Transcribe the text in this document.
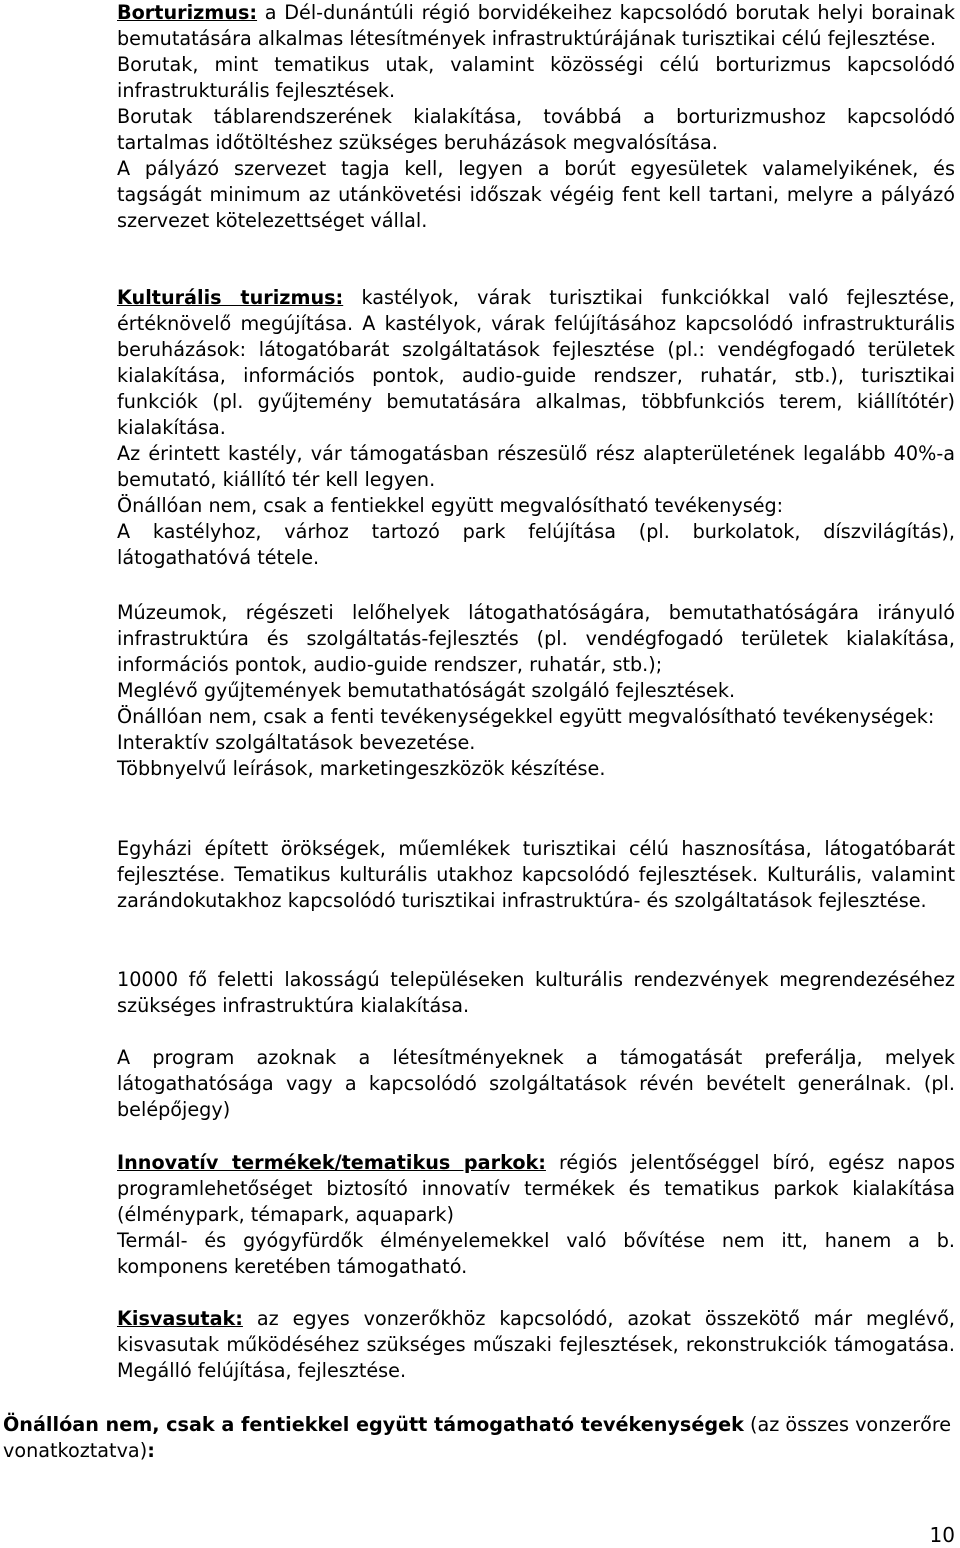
Borturizmus: a Dél-dunántúli régió borvidékeihez kapcsolódó borutak helyi borainak bemutatására alkalmas létesítmények infrastruktúrájának turisztikai célú fejlesztése.

Borutak, mint tematikus utak, valamint közösségi célú borturizmus kapcsolódó infrastrukturális fejlesztések.

Borutak táblarendszerének kialakítása, továbbá a borturizmushoz kapcsolódó tartalmas időtöltéshez szükséges beruházások megvalósítása.

A pályázó szervezet tagja kell, legyen a borút egyesületek valamelyikének, és tagságát minimum az utánkövetési időszak végéig fent kell tartani, melyre a pályázó szervezet kötelezettséget vállal.

Kulturális turizmus: kastélyok, várak turisztikai funkciókkal való fejlesztése, értéknövelő megújítása. A kastélyok, várak felújításához kapcsolódó infrastrukturális beruházások: látogatóbarát szolgáltatások fejlesztése (pl.: vendégfogadó területek kialakítása, információs pontok, audio-guide rendszer, ruhatár, stb.), turisztikai funkciók (pl. gyűjtemény bemutatására alkalmas, többfunkciós terem, kiállítótér) kialakítása.

Az érintett kastély, vár támogatásban részesülő rész alapterületének legalább 40%-a bemutató, kiállító tér kell legyen.

Önállóan nem, csak a fentiekkel együtt megvalósítható tevékenység:

A kastélyhoz, várhoz tartozó park felújítása (pl. burkolatok, díszvilágítás), látogathatóvá tétele.

Múzeumok, régészeti lelőhelyek látogathatóságára, bemutathatóságára irányuló infrastruktúra és szolgáltatás-fejlesztés (pl. vendégfogadó területek kialakítása, információs pontok, audio-guide rendszer, ruhatár, stb.);

Meglévő gyűjtemények bemutathatóságát szolgáló fejlesztések.

Önállóan nem, csak a fenti tevékenységekkel együtt megvalósítható tevékenységek:

Interaktív szolgáltatások bevezetése.

Többnyelvű leírások, marketingeszközök készítése.

Egyházi épített örökségek, műemlékek turisztikai célú hasznosítása, látogatóbarát fejlesztése. Tematikus kulturális utakhoz kapcsolódó fejlesztések. Kulturális, valamint zarándokutakhoz kapcsolódó turisztikai infrastruktúra- és szolgáltatások fejlesztése.

10000 fő feletti lakosságú településeken kulturális rendezvények megrendezéséhez szükséges infrastruktúra kialakítása.

A program azoknak a létesítményeknek a támogatását preferálja, melyek látogathatósága vagy a kapcsolódó szolgáltatások révén bevételt generálnak. (pl. belépőjegy)

Innovatív termékek/tematikus parkok: régiós jelentőséggel bíró, egész napos programlehetőséget biztosító innovatív termékek és tematikus parkok kialakítása (élménypark, témapark, aquapark)

Termál- és gyógyfürdők élményelemekkel való bővítése nem itt, hanem a b. komponens keretében támogatható.

Kisvasutak: az egyes vonzerőkhöz kapcsolódó, azokat összekötő már meglévő, kisvasutak működéséhez szükséges műszaki fejlesztések, rekonstrukciók támogatása. Megálló felújítása, fejlesztése.

Önállóan nem, csak a fentiekkel együtt támogatható tevékenységek (az összes vonzerőre vonatkoztatva):

10
